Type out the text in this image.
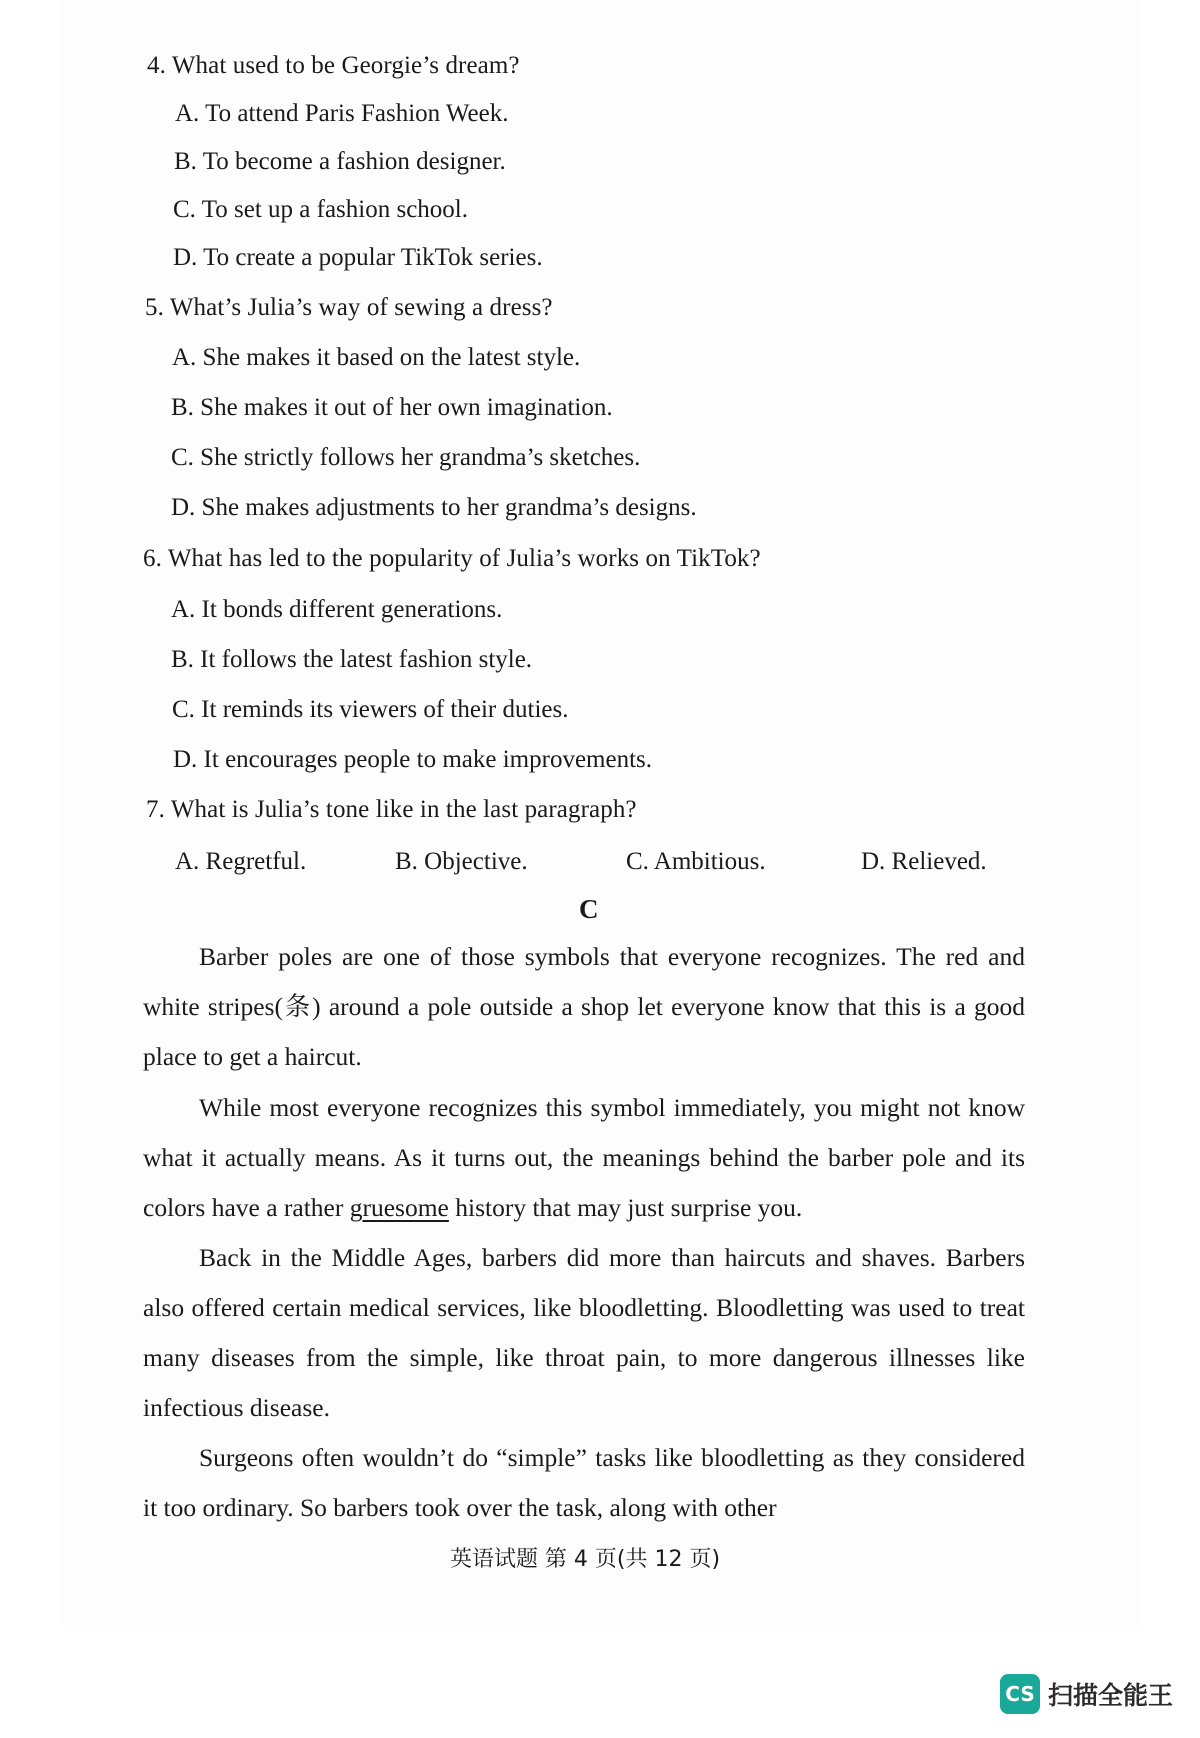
4. What used to be Georgie’s dream?
A. To attend Paris Fashion Week.
B. To become a fashion designer.
C. To set up a fashion school.
D. To create a popular TikTok series.
5. What’s Julia’s way of sewing a dress?
A. She makes it based on the latest style.
B. She makes it out of her own imagination.
C. She strictly follows her grandma’s sketches.
D. She makes adjustments to her grandma’s designs.
6. What has led to the popularity of Julia’s works on TikTok?
A. It bonds different generations.
B. It follows the latest fashion style.
C. It reminds its viewers of their duties.
D. It encourages people to make improvements.
7. What is Julia’s tone like in the last paragraph?
A. Regretful.	B. Objective.	C. Ambitious.	D. Relieved.
C
Barber poles are one of those symbols that everyone recognizes. The red and white stripes(条) around a pole outside a shop let everyone know that this is a good place to get a haircut.
While most everyone recognizes this symbol immediately, you might not know what it actually means. As it turns out, the meanings behind the barber pole and its colors have a rather gruesome history that may just surprise you.
Back in the Middle Ages, barbers did more than haircuts and shaves. Barbers also offered certain medical services, like bloodletting. Bloodletting was used to treat many diseases from the simple, like throat pain, to more dangerous illnesses like infectious disease.
Surgeons often wouldn’t do “simple” tasks like bloodletting as they considered it too ordinary. So barbers took over the task, along with other
英语试题 第 4 页(共 12 页)
CS 扫描全能王
